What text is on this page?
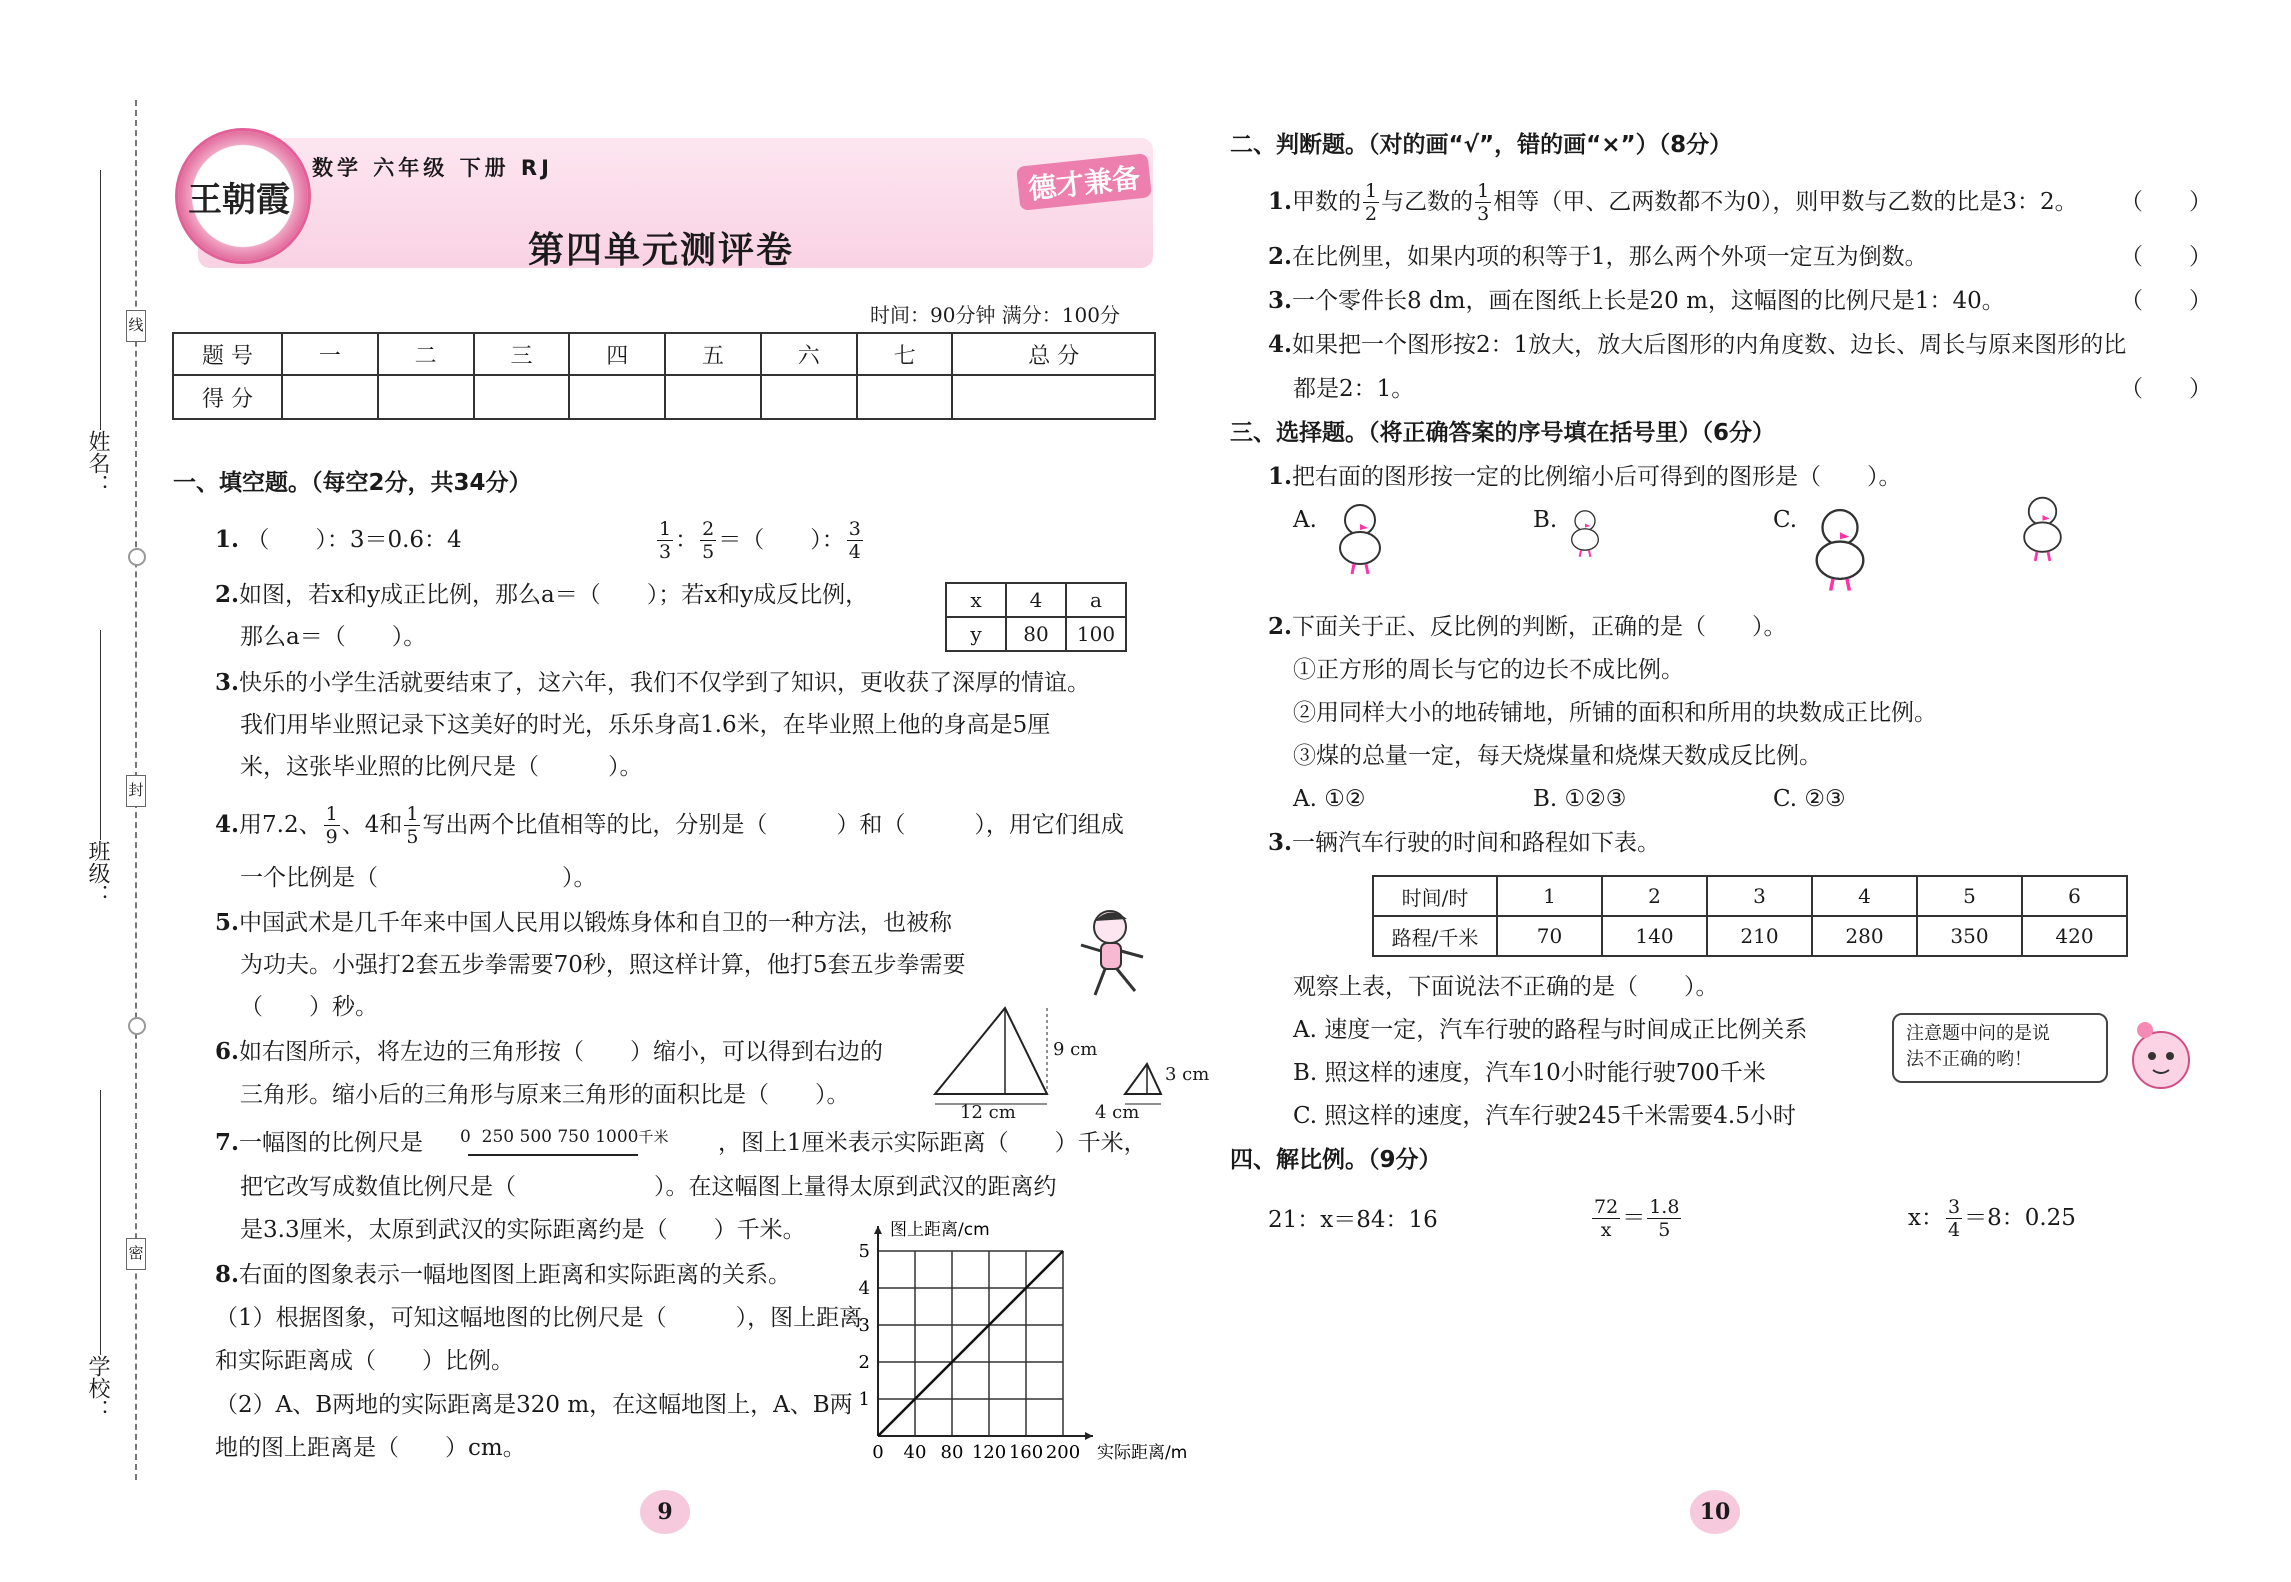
姓名：
班级：
学校：
线
封
密
王朝霞
数学 六年级 下册 RJ	德才兼备
第四单元测评卷
时间：90分钟 满分：100分
题 号	一	二	三	四	五	六	七	总 分
得 分								
一、填空题。（每空2分，共34分）
1. （　　）：3＝0.6：4	$\frac{1}{3}$ ： $\frac{2}{5}$ ＝（　　）： $\frac{3}{4}$
2.如图，若x和y成正比例，那么a＝（　　）；若x和y成反比例，
那么a＝（　　）。
x	4	a
y	80	100
3.快乐的小学生活就要结束了，这六年，我们不仅学到了知识，更收获了深厚的情谊。
我们用毕业照记录下这美好的时光，乐乐身高1.6米，在毕业照上他的身高是5厘
米，这张毕业照的比例尺是（　　　）。
4. 用7.2、 $\frac{1}{9}$ 、4和 $\frac{1}{5}$ 写出两个比值相等的比，分别是（　　　）和（　　　），用它们组成
一个比例是（　　　　　　　　）。
5.中国武术是几千年来中国人民用以锻炼身体和自卫的一种方法，也被称
为功夫。小强打2套五步拳需要70秒，照这样计算，他打5套五步拳需要
（　　）秒。
6.如右图所示，将左边的三角形按（　　）缩小，可以得到右边的
三角形。缩小后的三角形与原来三角形的面积比是（　　）。
9 cm
12 cm
3 cm
4 cm
7.一幅图的比例尺是 0 250 500 750 1000千米 ，图上1厘米表示实际距离（　　）千米，
把它改写成数值比例尺是（　　　　　　）。在这幅图上量得太原到武汉的距离约
是3.3厘米，太原到武汉的实际距离约是（　　）千米。
8.右面的图象表示一幅地图图上距离和实际距离的关系。
（1）根据图象，可知这幅地图的比例尺是（　　　），图上距离
和实际距离成（　　）比例。
（2）A、B两地的实际距离是320 m，在这幅地图上，A、B两
地的图上距离是（　　）cm。	0 40 80 120 160 200
1
2
3
4
5
实际距离/m
图上距离/cm
二、判断题。（对的画“√”，错的画“×”）（8分）
1. 甲数的 $\frac{1}{2}$ 与乙数的 $\frac{1}{3}$ 相等（甲、乙两数都不为0），则甲数与乙数的比是3：2。 （　　）
2.在比例里，如果内项的积等于1，那么两个外项一定互为倒数。	（　　）
3.一个零件长8 dm，画在图纸上长是20 m，这幅图的比例尺是1：40。	（　　）
4.如果把一个图形按2：1放大，放大后图形的内角度数、边长、周长与原来图形的比
都是2：1。	（　　）
三、选择题。（将正确答案的序号填在括号里）（6分）
1.把右面的图形按一定的比例缩小后可得到的图形是（　　）。
A.	B.	C.
2.下面关于正、反比例的判断，正确的是（　　）。
①正方形的周长与它的边长不成比例。
②用同样大小的地砖铺地，所铺的面积和所用的块数成正比例。
③煤的总量一定，每天烧煤量和烧煤天数成反比例。
A. ①②	B. ①②③	C. ②③
3.一辆汽车行驶的时间和路程如下表。
时间/时	1	2	3	4	5	6
路程/千米	70	140	210	280	350	420
观察上表，下面说法不正确的是（　　）。
A. 速度一定，汽车行驶的路程与时间成正比例关系
B. 照这样的速度，汽车10小时能行驶700千米
C. 照这样的速度，汽车行驶245千米需要4.5小时
注意题中问的是说
法不正确的哟！
四、解比例。（9分）
21：x＝84：16	$\frac{72}{x} = \frac{1.8}{5}$	x： $\frac{3}{4} =8$：0.25
9	10
